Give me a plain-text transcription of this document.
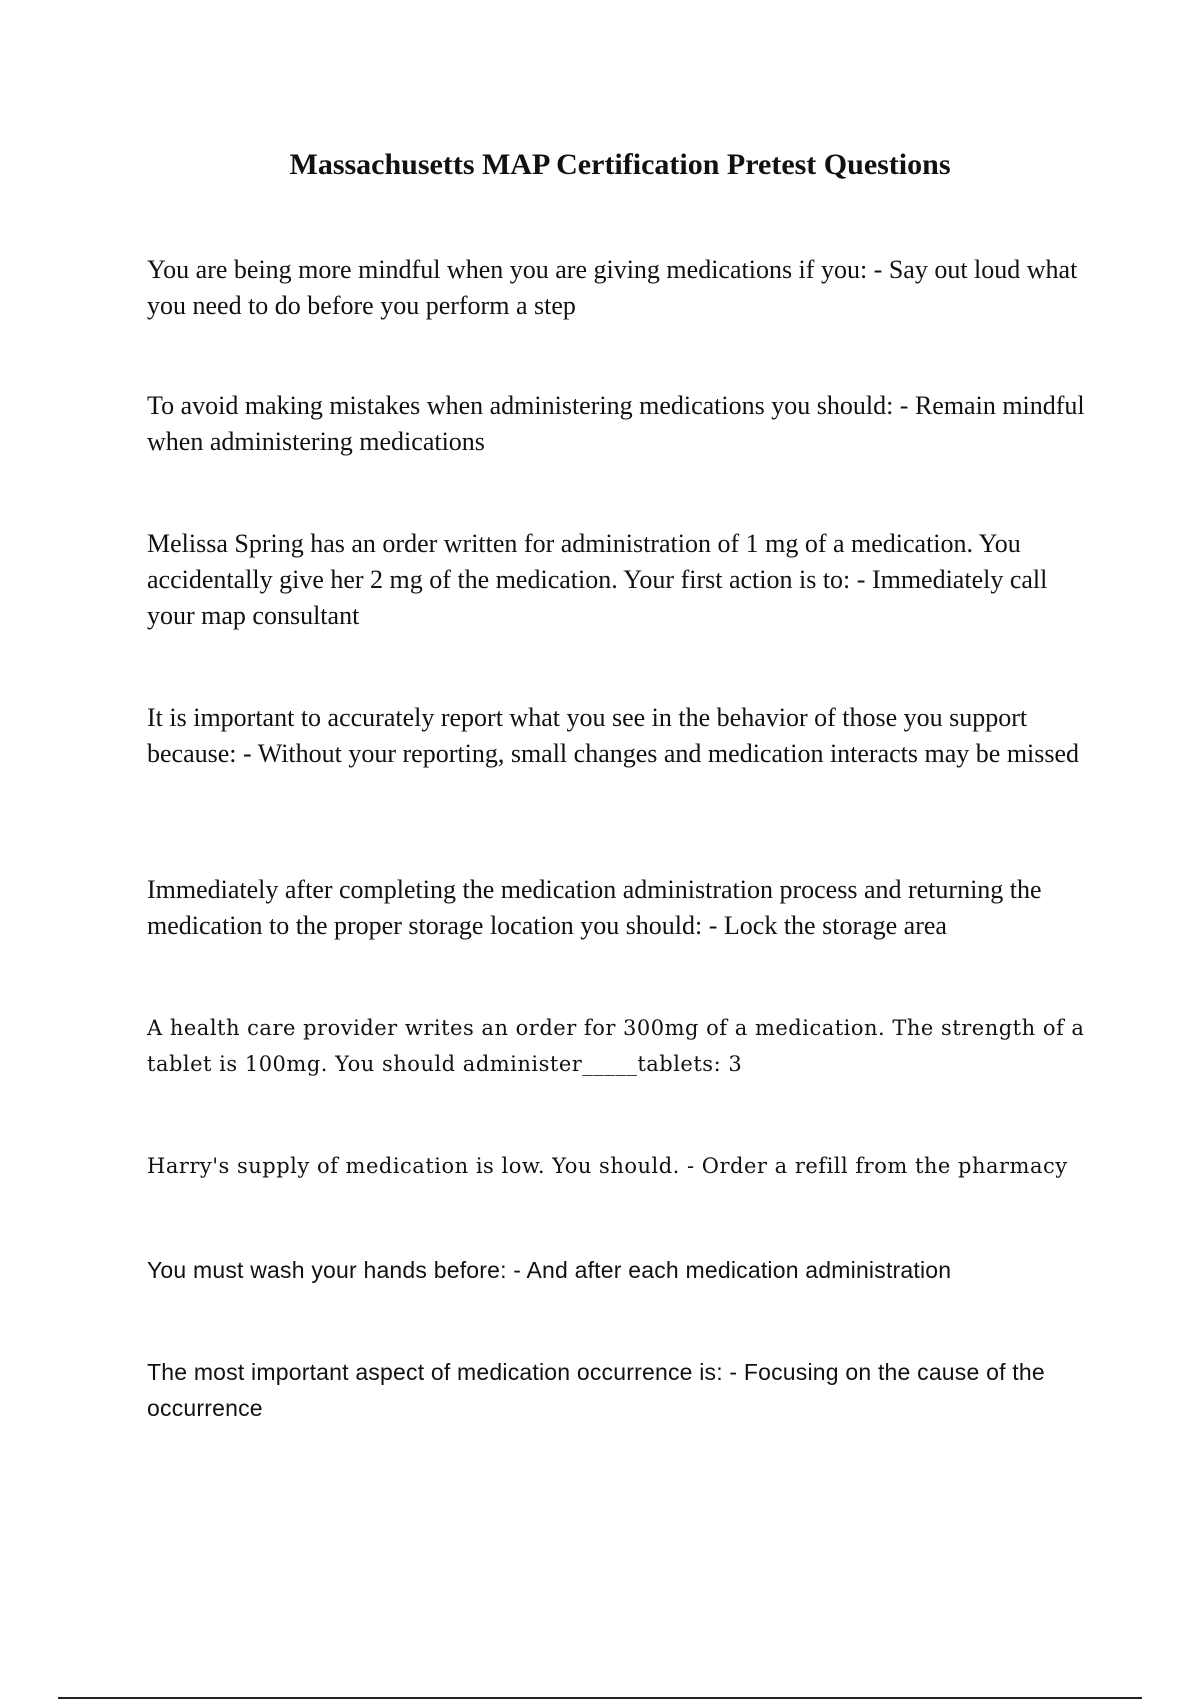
Massachusetts MAP Certification Pretest Questions

You are being more mindful when you are giving medications if you: - Say out loud what you need to do before you perform a step

To avoid making mistakes when administering medications you should: - Remain mindful when administering medications

Melissa Spring has an order written for administration of 1 mg of a medication. You accidentally give her 2 mg of the medication. Your first action is to: - Immediately call your map consultant

It is important to accurately report what you see in the behavior of those you support because: - Without your reporting, small changes and medication interacts may be missed

Immediately after completing the medication administration process and returning the medication to the proper storage location you should: - Lock the storage area

A health care provider writes an order for 300mg of a medication. The strength of a tablet is 100mg. You should administer_____tablets: 3

Harry's supply of medication is low. You should. - Order a refill from the pharmacy

You must wash your hands before: - And after each medication administration

The most important aspect of medication occurrence is: - Focusing on the cause of the occurrence
